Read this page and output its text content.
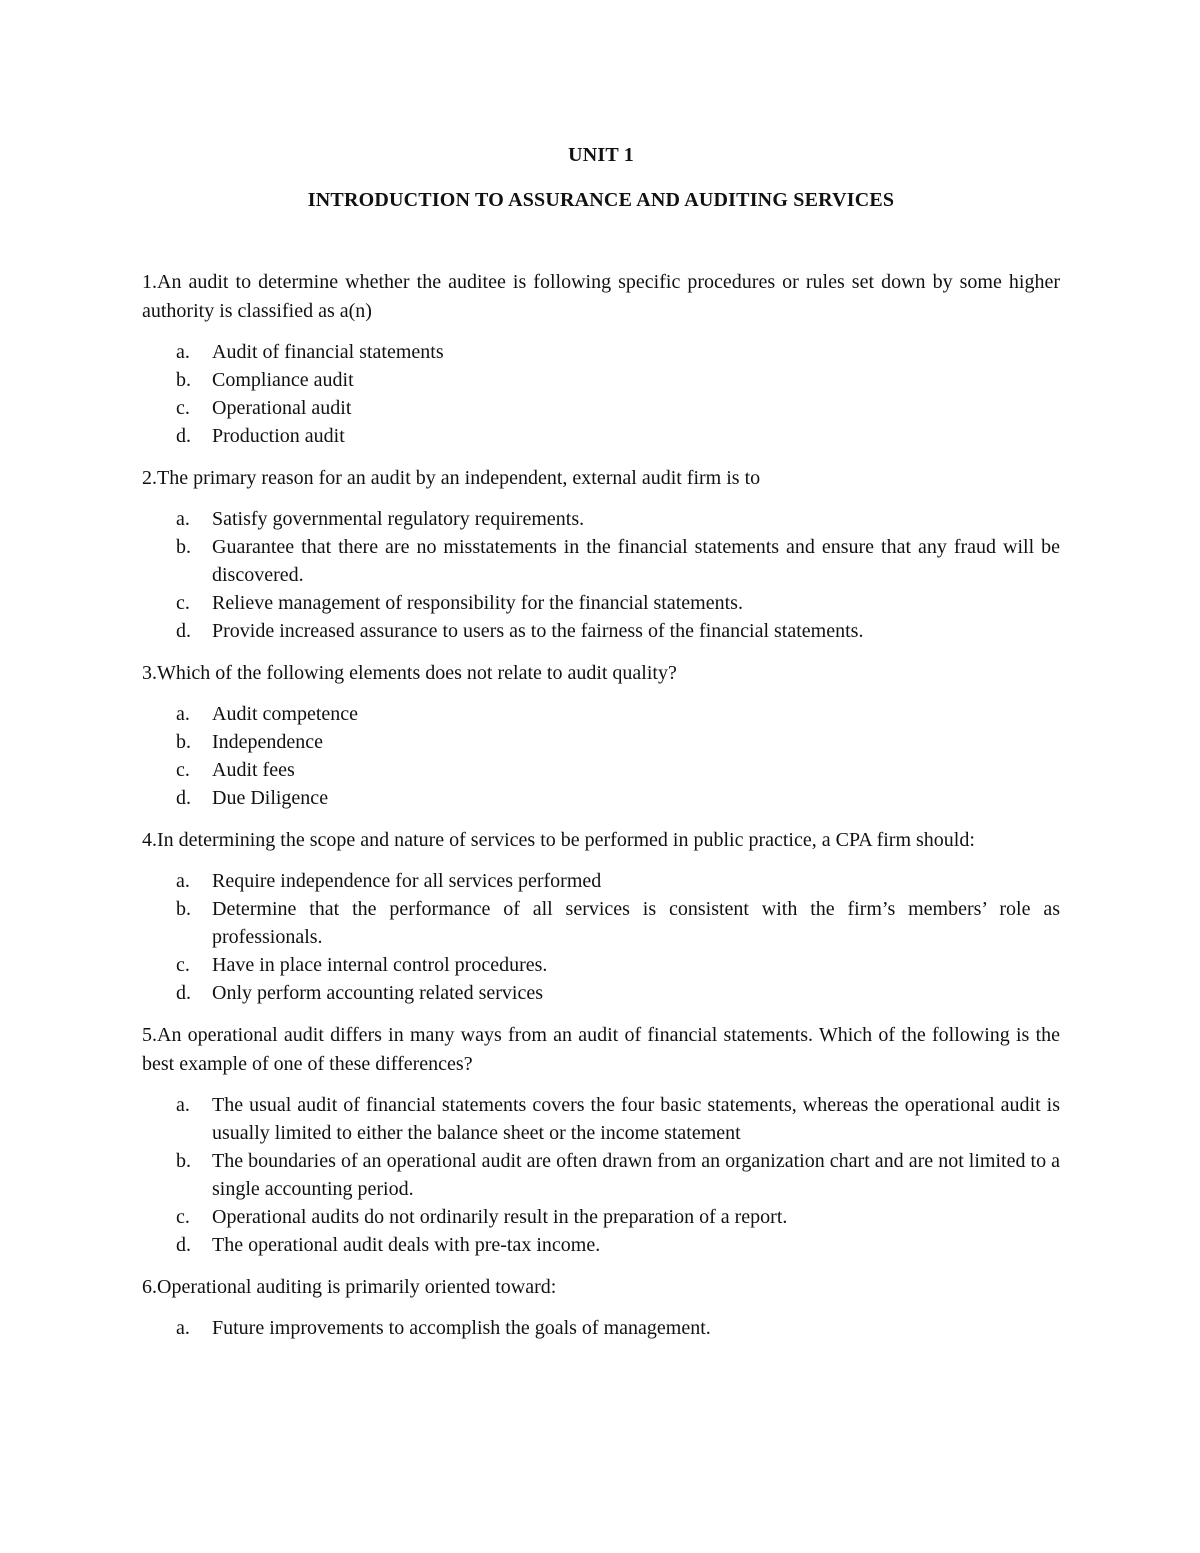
UNIT 1
INTRODUCTION TO ASSURANCE AND AUDITING SERVICES

1.An audit to determine whether the auditee is following specific procedures or rules set down by some higher authority is classified as a(n)

a.	Audit of financial statements
b.	Compliance audit
c.	Operational audit
d.	Production audit

2.The primary reason for an audit by an independent, external audit firm is to

a.	Satisfy governmental regulatory requirements.
b.	Guarantee that there are no misstatements in the financial statements and ensure that any fraud will be discovered.
c.	Relieve management of responsibility for the financial statements.
d.	Provide increased assurance to users as to the fairness of the financial statements.

3.Which of the following elements does not relate to audit quality?

a.	Audit competence
b.	Independence
c.	Audit fees
d.	Due Diligence

4.In determining the scope and nature of services to be performed in public practice, a CPA firm should:

a.	Require independence for all services performed
b.	Determine that the performance of all services is consistent with the firm’s members’ role as professionals.
c.	Have in place internal control procedures.
d.	Only perform accounting related services

5.An operational audit differs in many ways from an audit of financial statements. Which of the following is the best example of one of these differences?

a.	The usual audit of financial statements covers the four basic statements, whereas the operational audit is usually limited to either the balance sheet or the income statement
b.	The boundaries of an operational audit are often drawn from an organization chart and are not limited to a single accounting period.
c.	Operational audits do not ordinarily result in the preparation of a report.
d.	The operational audit deals with pre-tax income.

6.Operational auditing is primarily oriented toward:

a.	Future improvements to accomplish the goals of management.
